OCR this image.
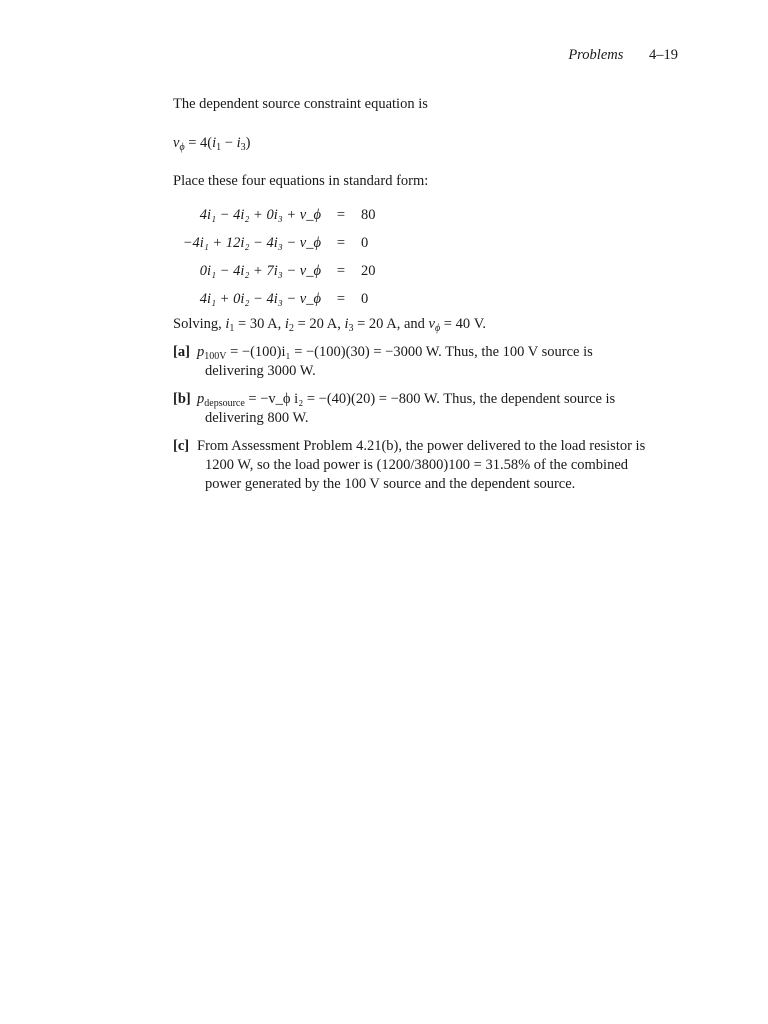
Problems 4–19

The dependent source constraint equation is

$v_\phi = 4(i_1 - i_3)$

Place these four equations in standard form:

4i₁ − 4i₂ + 0i₃ + v_ϕ	=	80
−4i₁ + 12i₂ − 4i₃ − v_ϕ	=	0
0i₁ − 4i₂ + 7i₃ − v_ϕ	=	20
4i₁ + 0i₂ − 4i₃ − v_ϕ	=	0

Solving, $i_1 = 30$ A, $i_2 = 20$ A, $i_3 = 20$ A, and $v_\phi = 40$ V.

[a] $p_{100V} = -(100)i_1 = -(100)(30) = -3000$ W. Thus, the 100 V source is delivering 3000 W.

[b] $p_{depsource}$ = −v_ϕ i₂ = −(40)(20) = −800 W. Thus, the dependent source is delivering 800 W.

[c] From Assessment Problem 4.21(b), the power delivered to the load resistor is 1200 W, so the load power is (1200/3800)100 = 31.58% of the combined power generated by the 100 V source and the dependent source.
